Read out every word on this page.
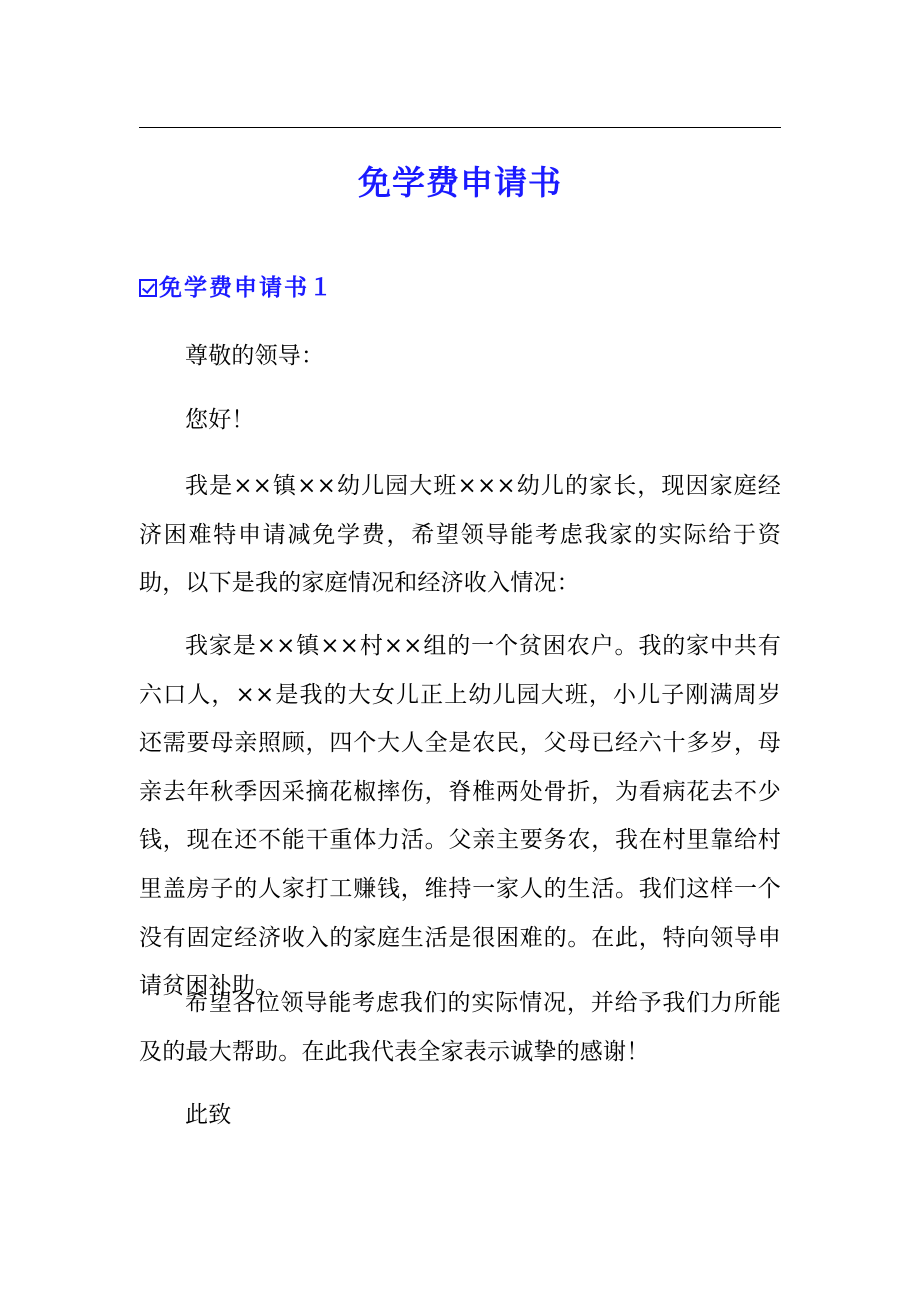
免学费申请书
免学费申请书１
尊敬的领导：
您好！
我是××镇××幼儿园大班×××幼儿的家长，现因家庭经济困难特申请减免学费，希望领导能考虑我家的实际给于资助，以下是我的家庭情况和经济收入情况：
我家是××镇××村××组的一个贫困农户。我的家中共有六口人，××是我的大女儿正上幼儿园大班，小儿子刚满周岁还需要母亲照顾，四个大人全是农民，父母已经六十多岁，母亲去年秋季因采摘花椒摔伤，脊椎两处骨折，为看病花去不少钱，现在还不能干重体力活。父亲主要务农，我在村里靠给村里盖房子的人家打工赚钱，维持一家人的生活。我们这样一个没有固定经济收入的家庭生活是很困难的。在此，特向领导申请贫困补助。
希望各位领导能考虑我们的实际情况，并给予我们力所能及的最大帮助。在此我代表全家表示诚挚的感谢！
此致
